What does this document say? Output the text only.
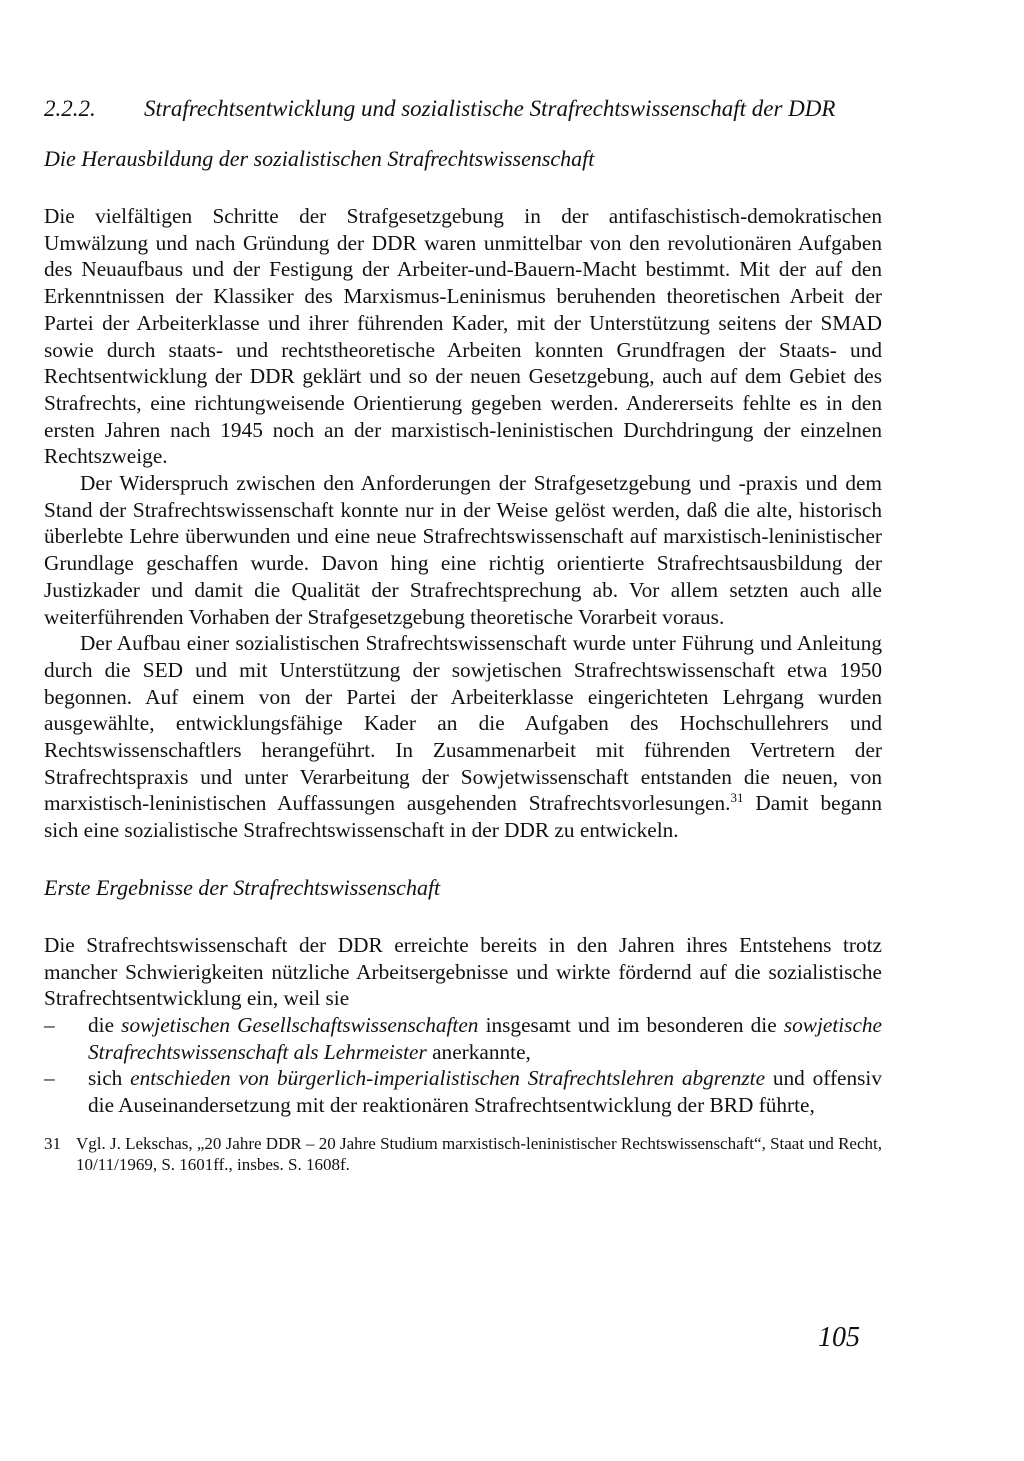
2.2.2.	Strafrechtsentwicklung und sozialistische Strafrechtswissenschaft der DDR
Die Herausbildung der sozialistischen Strafrechtswissenschaft

Die vielfältigen Schritte der Strafgesetzgebung in der antifaschistisch-demokratischen Umwälzung und nach Gründung der DDR waren unmittelbar von den revolutionären Aufgaben des Neuaufbaus und der Festigung der Arbeiter-und-Bauern-Macht bestimmt. Mit der auf den Erkenntnissen der Klassiker des Marxismus-Leninismus beruhenden theoretischen Arbeit der Partei der Arbeiterklasse und ihrer führenden Kader, mit der Unterstützung seitens der SMAD sowie durch staats- und rechtstheoretische Arbeiten konnten Grundfragen der Staats- und Rechtsentwicklung der DDR geklärt und so der neuen Gesetzgebung, auch auf dem Gebiet des Strafrechts, eine richtungweisende Orientierung gegeben werden. Andererseits fehlte es in den ersten Jahren nach 1945 noch an der marxistisch-leninistischen Durchdringung der einzelnen Rechtszweige.

Der Widerspruch zwischen den Anforderungen der Strafgesetzgebung und -praxis und dem Stand der Strafrechtswissenschaft konnte nur in der Weise gelöst werden, daß die alte, historisch überlebte Lehre überwunden und eine neue Strafrechtswissenschaft auf marxistisch-leninistischer Grundlage geschaffen wurde. Davon hing eine richtig orientierte Strafrechtsausbildung der Justizkader und damit die Qualität der Strafrechtsprechung ab. Vor allem setzten auch alle weiterführenden Vorhaben der Strafgesetzgebung theoretische Vorarbeit voraus.

Der Aufbau einer sozialistischen Strafrechtswissenschaft wurde unter Führung und Anleitung durch die SED und mit Unterstützung der sowjetischen Strafrechtswissenschaft etwa 1950 begonnen. Auf einem von der Partei der Arbeiterklasse eingerichteten Lehrgang wurden ausgewählte, entwicklungsfähige Kader an die Aufgaben des Hochschullehrers und Rechtswissenschaftlers herangeführt. In Zusammenarbeit mit führenden Vertretern der Strafrechtspraxis und unter Verarbeitung der Sowjetwissenschaft entstanden die neuen, von marxistisch-leninistischen Auffassungen ausgehenden Strafrechtsvorlesungen.$^{31}$ Damit begann sich eine sozialistische Strafrechtswissenschaft in der DDR zu entwickeln.

Erste Ergebnisse der Strafrechtswissenschaft

Die Strafrechtswissenschaft der DDR erreichte bereits in den Jahren ihres Entstehens trotz mancher Schwierigkeiten nützliche Arbeitsergebnisse und wirkte fördernd auf die sozialistische Strafrechtsentwicklung ein, weil sie

–	die sowjetischen Gesellschaftswissenschaften insgesamt und im besonderen die sowjetische Strafrechtswissenschaft als Lehrmeister anerkannte,
–	sich entschieden von bürgerlich-imperialistischen Strafrechtslehren abgrenzte und offensiv die Auseinandersetzung mit der reaktionären Strafrechtsentwicklung der BRD führte,
31 Vgl. J. Lekschas, „20 Jahre DDR – 20 Jahre Studium marxistisch-leninistischer Rechtswissenschaft“, Staat und Recht, 10/11/1969, S. 1601ff., insbes. S. 1608f.
105
